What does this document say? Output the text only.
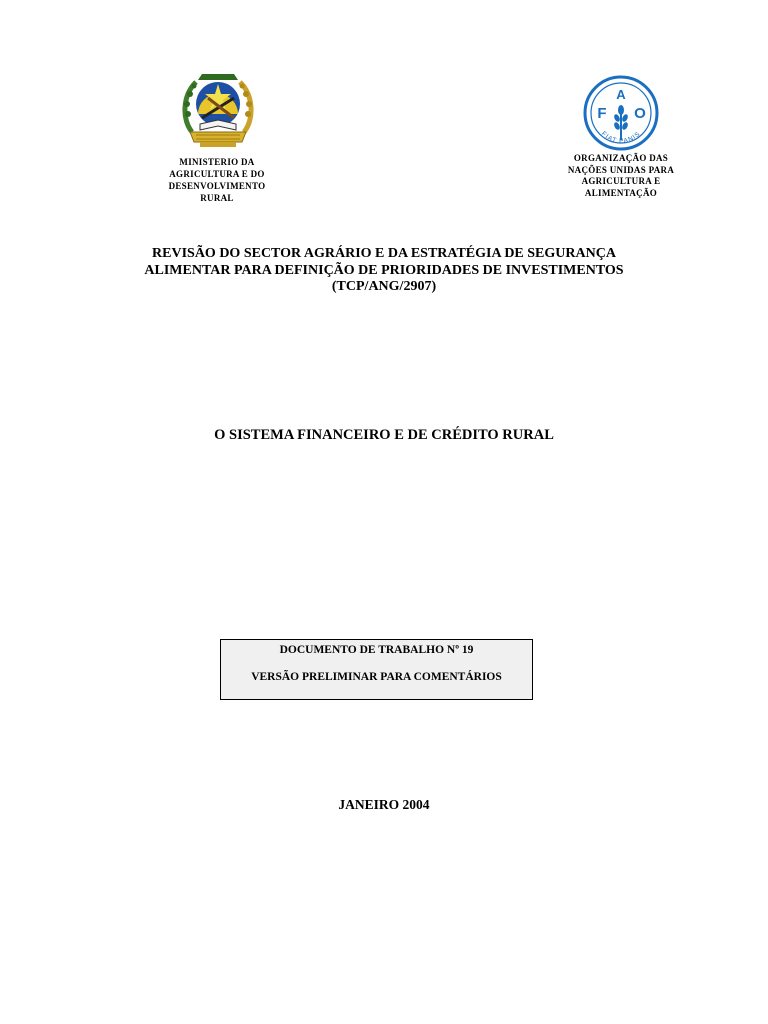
MINISTERIO DA
AGRICULTURA E DO
DESENVOLVIMENTO
RURAL
A
F O
FIAT PANIS
ORGANIZAÇÃO DAS
NAÇÕES UNIDAS PARA
AGRICULTURA E
ALIMENTAÇÃO
REVISÃO DO SECTOR AGRÁRIO E DA ESTRATÉGIA DE SEGURANÇA
ALIMENTAR PARA DEFINIÇÃO DE PRIORIDADES DE INVESTIMENTOS
(TCP/ANG/2907)
O SISTEMA FINANCEIRO E DE CRÉDITO RURAL
DOCUMENTO DE TRABALHO Nº 19
VERSÃO PRELIMINAR PARA COMENTÁRIOS
JANEIRO 2004
